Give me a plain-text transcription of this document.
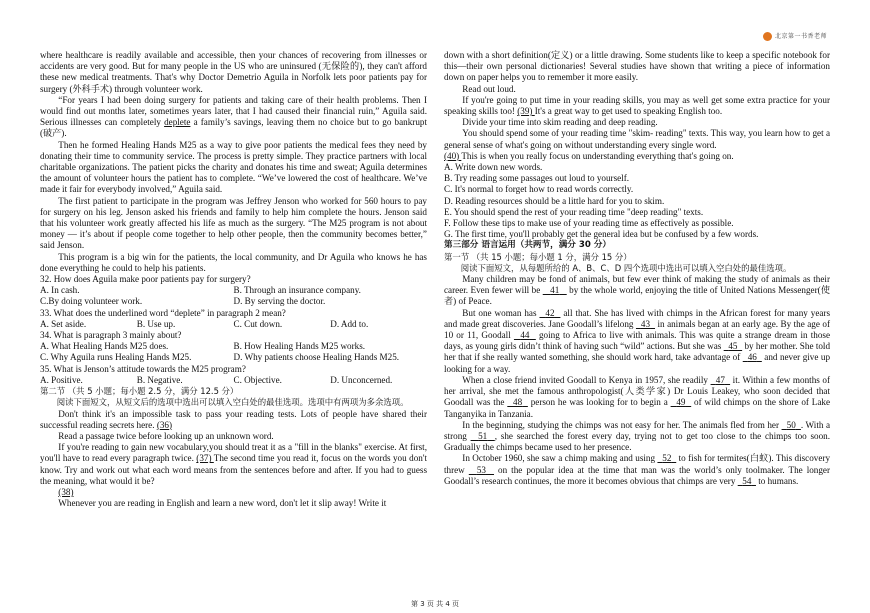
北京第一书香老师

where healthcare is readily available and accessible, then your chances of recovering from illnesses or accidents are very good. But for many people in the US who are uninsured (无保险的), they can't afford these new medical treatments. That's why Doctor Demetrio Aguila in Norfolk lets poor patients pay for surgery (外科手术) through volunteer work.

“For years I had been doing surgery for patients and taking care of their health problems. Then I would find out months later, sometimes years later, that I had caused their financial ruin,” Aguila said. Serious illnesses can completely deplete a family’s savings, leaving them no choice but to go bankrupt (破产).

Then he formed Healing Hands M25 as a way to give poor patients the medical fees they need by donating their time to community service. The process is pretty simple. They practice partners with local charitable organizations. The patient picks the charity and donates his time and sweat; Aguila determines the amount of volunteer hours the patient has to complete. “We’ve lowered the cost of healthcare. We’ve made it fair for everybody involved,” Aguila said.

The first patient to participate in the program was Jeffrey Jenson who worked for 560 hours to pay for surgery on his leg. Jenson asked his friends and family to help him complete the hours. Jenson said that his volunteer work greatly affected his life as much as the surgery. “The M25 program is not about money — it’s about if people come together to help other people, then the community becomes better,” said Jenson.

This program is a big win for the patients, the local community, and Dr Aguila who knows he has done everything he could to help his patients.

32. How does Aguila make poor patients pay for surgery?

A. In cash.	B. Through an insurance company.
C.By doing volunteer work.	D. By serving the doctor.

33. What does the underlined word “deplete” in paragraph 2 mean?

A. Set aside.	B. Use up.	C. Cut down.	D. Add to.

34. What is paragraph 3 mainly about?

A. What Healing Hands M25 does.	B. How Healing Hands M25 works.
C. Why Aguila runs Healing Hands M25.	D. Why patients choose Healing Hands M25.

35. What is Jenson’s attitude towards the M25 program?

A. Positive.	B. Negative.	C. Objective.	D. Unconcerned.

第二节 （共 5 小题；每小题 2.5 分，满分 12.5 分）

阅读下面短文，从短文后的选项中选出可以填入空白处的最佳选项。选项中有两项为多余选项。

Don't think it's an impossible task to pass your reading tests. Lots of people have shared their successful reading secrets here. (36)

Read a passage twice before looking up an unknown word.

If you're reading to gain new vocabulary,you should treat it as a "fill in the blanks" exercise. At first, you'll have to read every paragraph twice. (37) The second time you read it, focus on the words you don't know. Try and work out what each word means from the sentences before and after. If you had to guess the meaning, what would it be?

(38)

Whenever you are reading in English and learn a new word, don't let it slip away! Write it

down with a short definition(定义) or a little drawing. Some students like to keep a specific notebook for this—their own personal dictionaries! Several studies have shown that writing a piece of information down on paper helps you to remember it more easily.

Read out loud.

If you're going to put time in your reading skills, you may as well get some extra practice for your speaking skills too! (39) It's a great way to get used to speaking English too.

Divide your time into skim reading and deep reading.

You should spend some of your reading time "skim- reading" texts. This way, you learn how to get a general sense of what's going on without understanding every single word.

(40) This is when you really focus on understanding everything that's going on.

A. Write down new words.

B. Try reading some passages out loud to yourself.

C. It's normal to forget how to read words correctly.

D. Reading resources should be a little hard for you to skim.

E. You should spend the rest of your reading time "deep reading" texts.

F. Follow these tips to make use of your reading time as effectively as possible.

G. The first time, you'll probably get the general idea but be confused by a few words.

第三部分 语言运用（共两节，满分 30 分）

第一节 （共 15 小题；每小题 1 分，满分 15 分）

阅读下面短文，从每题所给的 A、B、C、D 四个选项中选出可以填入空白处的最佳选项。

Many children may be fond of animals, but few ever think of making the study of animals as their career. Even fewer will be    41    by the whole world, enjoying the title of United Nations Messenger(使者) of Peace.

But one woman has   42   all that. She has lived with chimps in the African forest for many years and made great discoveries. Jane Goodall’s lifelong   43   in animals began at an early age. By the age of 10 or 11, Goodall   44   going to Africa to live with animals. This was quite a strange dream in those days, as young girls didn’t think of having such “wild” actions. But she was   45   by her mother. She told her that if she really wanted something, she should work hard, take advantage of   46   and never give up looking for a way.

When a close friend invited Goodall to Kenya in 1957, she readily   47   it. Within a few months of her arrival, she met the famous anthropologist(人类学家) Dr Louis Leakey, who soon decided that Goodall was the   48   person he was looking for to begin a   49   of wild chimps on the shore of Lake Tanganyika in Tanzania.

In the beginning, studying the chimps was not easy for her. The animals fled from her   50 . With a strong   51 , she searched the forest every day, trying not to get too close to the chimps too soon. Gradually the chimps became used to her presence.

In October 1960, she saw a chimp making and using   52   to fish for termites(白蚁). This discovery threw   53   on the popular idea at the time that man was the world’s only toolmaker. The longer Goodall’s research continues, the more it becomes obvious that chimps are very   54   to humans.

第 3 页 共 4 页
